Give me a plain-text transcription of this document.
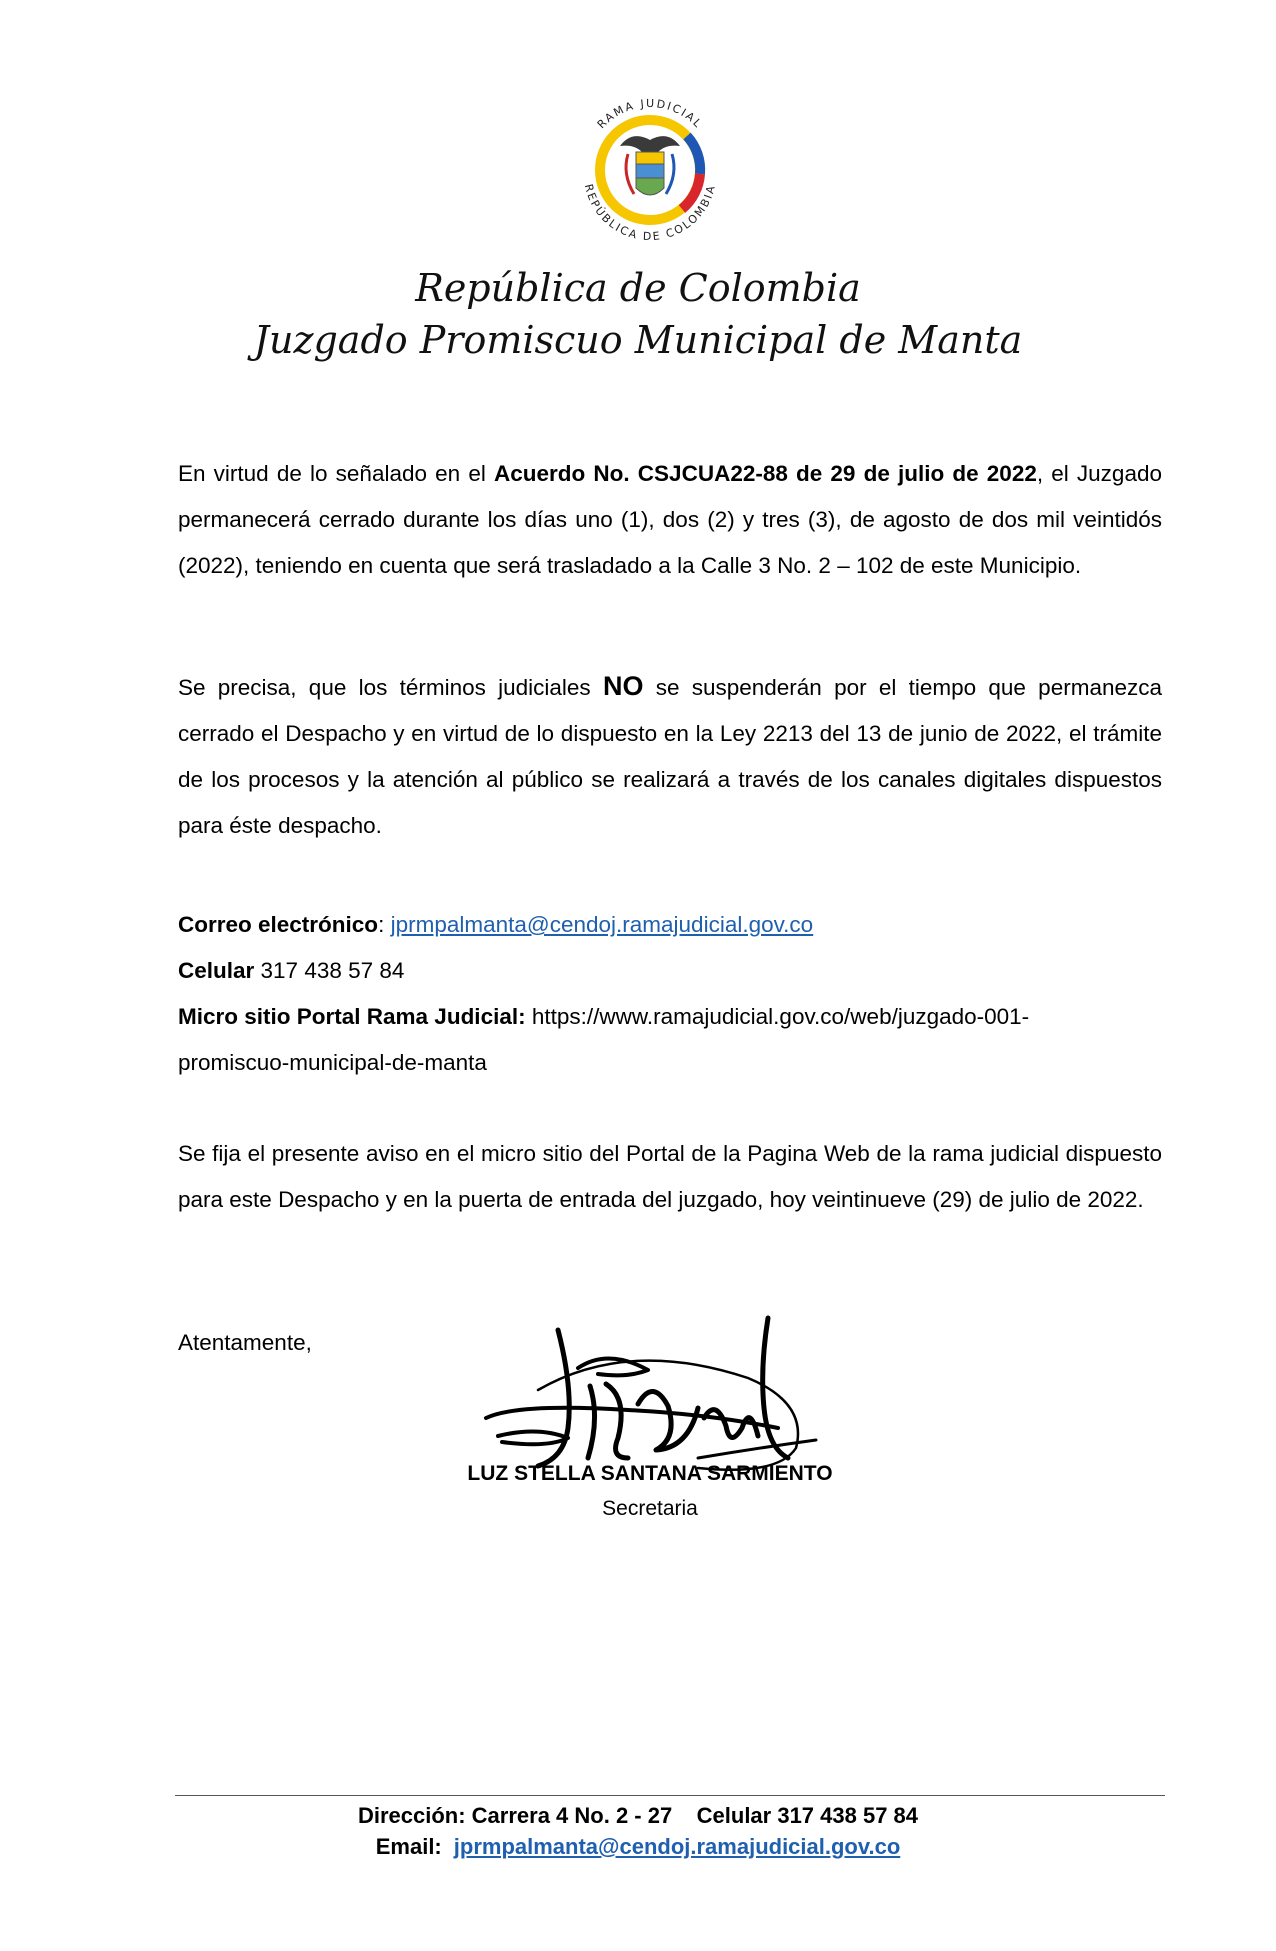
RAMA JUDICIAL
REPÚBLICA DE COLOMBIA
República de Colombia
Juzgado Promiscuo Municipal de Manta

En virtud de lo señalado en el Acuerdo No. CSJCUA22-88 de 29 de julio de 2022, el Juzgado permanecerá cerrado durante los días uno (1), dos (2) y tres (3), de agosto de dos mil veintidós (2022), teniendo en cuenta que será trasladado a la Calle 3 No. 2 – 102 de este Municipio.

Se precisa, que los términos judiciales NO se suspenderán por el tiempo que permanezca cerrado el Despacho y en virtud de lo dispuesto en la Ley 2213 del 13 de junio de 2022, el trámite de los procesos y la atención al público se realizará a través de los canales digitales dispuestos para éste despacho.

Correo electrónico: jprmpalmanta@cendoj.ramajudicial.gov.co
Celular 317 438 57 84
Micro sitio Portal Rama Judicial: https://www.ramajudicial.gov.co/web/juzgado-001-
promiscuo-municipal-de-manta

Se fija el presente aviso en el micro sitio del Portal de la Pagina Web de la rama judicial dispuesto para este Despacho y en la puerta de entrada del juzgado, hoy veintinueve (29) de julio de 2022.

Atentamente,
LUZ STELLA SANTANA SARMIENTO
Secretaria
Dirección: Carrera 4 No. 2 - 27    Celular 317 438 57 84
Email: jprmpalmanta@cendoj.ramajudicial.gov.co
